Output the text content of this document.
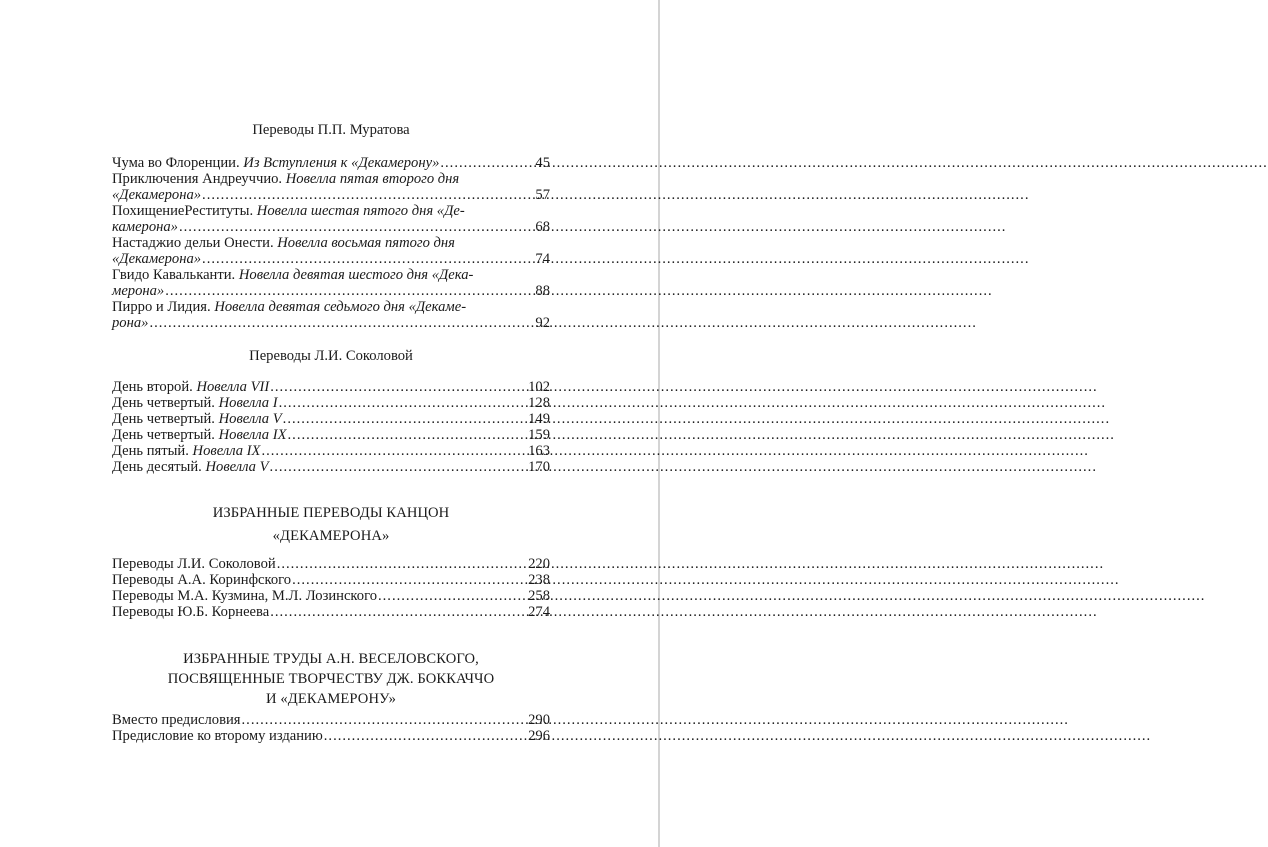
Переводы П.П. Муратова
Чума во Флоренции. Из Вступления к «Декамерону» .....	45
Приключения Андреуччио. Новелла пятая второго дня
«Декамерона» .....	57
ПохищениеРеституты. Новелла шестая пятого дня «Де-
камерона» .....	68
Настаджио дельи Онести. Новелла восьмая пятого дня
«Декамерона» .....	74
Гвидо Кавальканти. Новелла девятая шестого дня «Дека-
мерона» .....	88
Пирро и Лидия. Новелла девятая седьмого дня «Декаме-
рона» .....	92
Переводы Л.И. Соколовой
День второй. Новелла VII .....	102
День четвертый. Новелла I .....	128
День четвертый. Новелла V .....	149
День четвертый. Новелла IX .....	159
День пятый. Новелла IX .....	163
День десятый. Новелла V .....	170
ИЗБРАННЫЕ ПЕРЕВОДЫ КАНЦОН
«ДЕКАМЕРОНА»
Переводы Л.И. Соколовой .....	220
Переводы А.А. Коринфского .....	238
Переводы М.А. Кузмина, М.Л. Лозинского .....	258
Переводы Ю.Б. Корнеева .....	274
ИЗБРАННЫЕ ТРУДЫ А.Н. ВЕСЕЛОВСКОГО,
ПОСВЯЩЕННЫЕ ТВОРЧЕСТВУ ДЖ. БОККАЧЧО
И «ДЕКАМЕРОНУ»
Вместо предисловия .....	290
Предисловие ко второму изданию .....	296
